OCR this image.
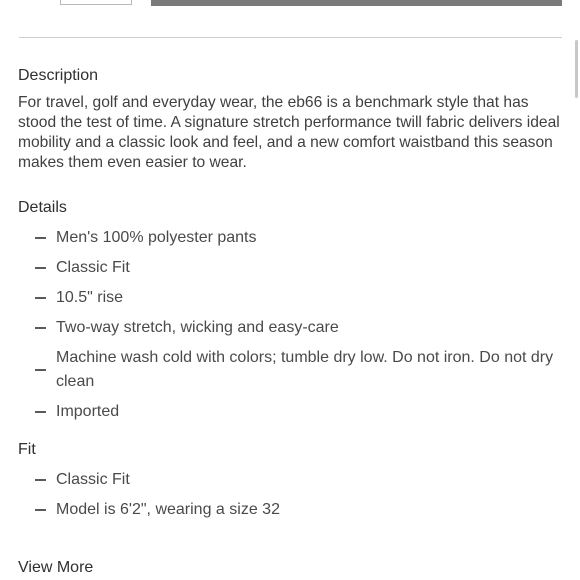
Description

For travel, golf and everyday wear, the eb66 is a benchmark style that has stood the test of time. A signature stretch performance twill fabric delivers ideal mobility and a classic look and feel, and a new comfort waistband this season makes them even easier to wear.

Details
Men's 100% polyester pants
Classic Fit
10.5" rise
Two-way stretch, wicking and easy-care
Machine wash cold with colors; tumble dry low. Do not iron. Do not dry clean
Imported
Fit
Classic Fit
Model is 6'2", wearing a size 32
View More
